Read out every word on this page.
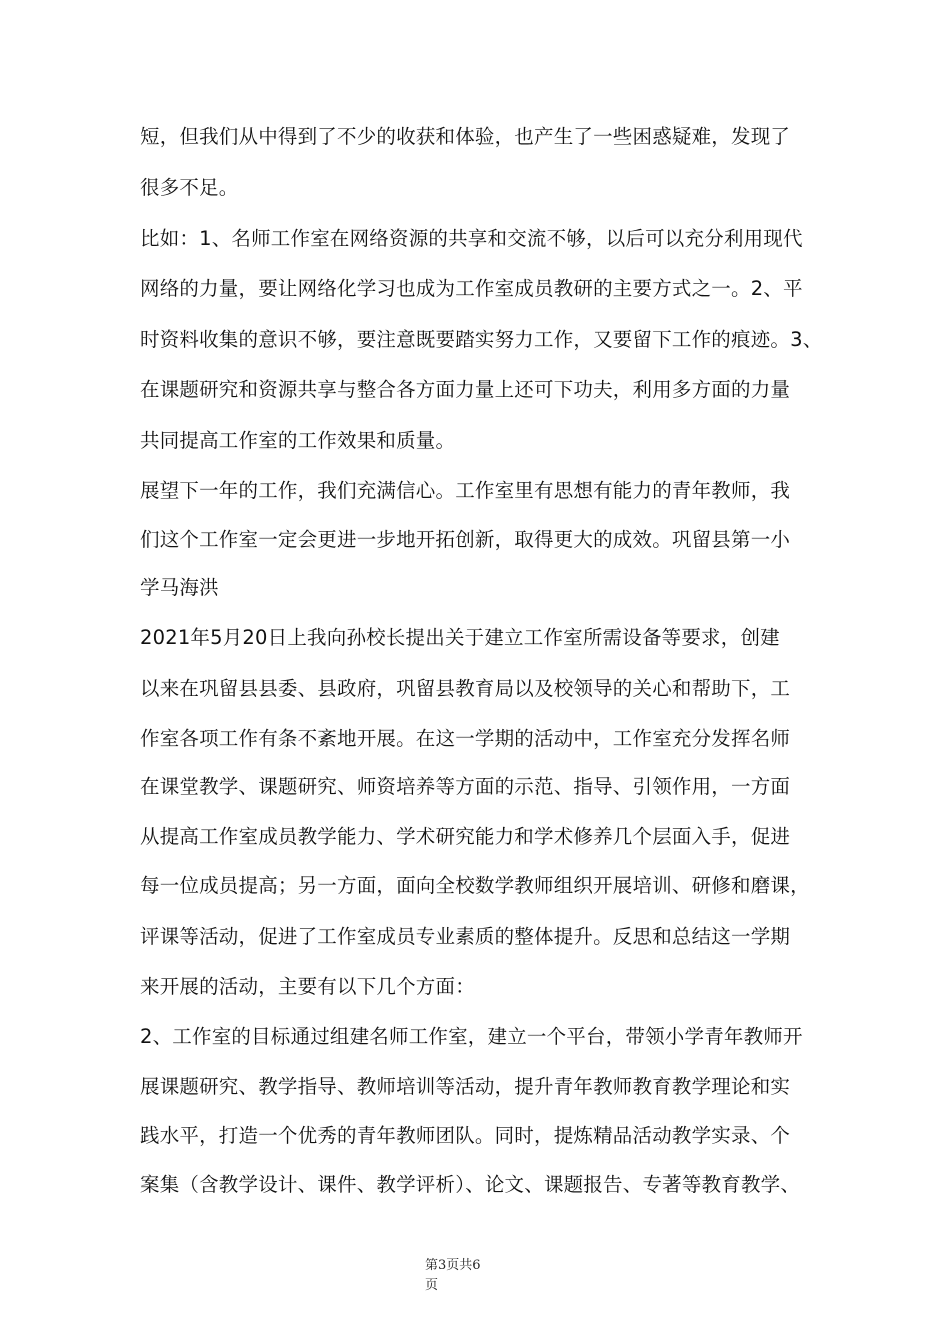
短，但我们从中得到了不少的收获和体验，也产生了一些困惑疑难，发现了
很多不足。
比如：1、名师工作室在网络资源的共享和交流不够，以后可以充分利用现代
网络的力量，要让网络化学习也成为工作室成员教研的主要方式之一。2、平
时资料收集的意识不够，要注意既要踏实努力工作，又要留下工作的痕迹。3、
在课题研究和资源共享与整合各方面力量上还可下功夫，利用多方面的力量
共同提高工作室的工作效果和质量。
展望下一年的工作，我们充满信心。工作室里有思想有能力的青年教师，我
们这个工作室一定会更进一步地开拓创新，取得更大的成效。巩留县第一小
学马海洪
2021年5月20日上我向孙校长提出关于建立工作室所需设备等要求，创建
以来在巩留县县委、县政府，巩留县教育局以及校领导的关心和帮助下，工
作室各项工作有条不紊地开展。在这一学期的活动中，工作室充分发挥名师
在课堂教学、课题研究、师资培养等方面的示范、指导、引领作用，一方面
从提高工作室成员教学能力、学术研究能力和学术修养几个层面入手，促进
每一位成员提高；另一方面，面向全校数学教师组织开展培训、研修和磨课，
评课等活动，促进了工作室成员专业素质的整体提升。反思和总结这一学期
来开展的活动，主要有以下几个方面：
2、工作室的目标通过组建名师工作室，建立一个平台，带领小学青年教师开
展课题研究、教学指导、教师培训等活动，提升青年教师教育教学理论和实
践水平，打造一个优秀的青年教师团队。同时，提炼精品活动教学实录、个
案集（含教学设计、课件、教学评析）、论文、课题报告、专著等教育教学、
第3页共6
页
